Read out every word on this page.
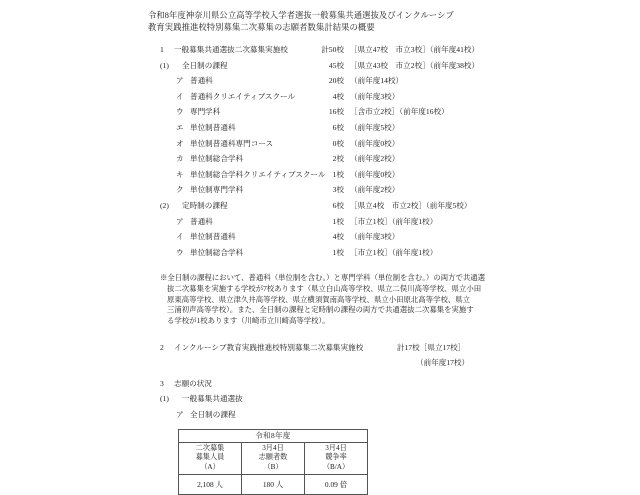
令和8年度神奈川県公立高等学校入学者選抜一般募集共通選抜及びインクルーシブ
教育実践推進校特別募集二次募集の志願者数集計結果の概要
1	一般募集共通選抜二次募集実施校	計50校 ［県立47校　市立3校］（前年度41校）
(1)	全日制の課程	45校 ［県立43校　市立2校］（前年度38校）
ア 普通科	20校 （前年度14校）
イ 普通科クリエイティブスクール	4校 （前年度3校）
ウ 専門学科	16校 ［含市立2校］（前年度16校）
エ 単位制普通科	6校 （前年度5校）
オ 単位制普通科専門コース	0校 （前年度0校）
カ 単位制総合学科	2校 （前年度2校）
キ 単位制総合学科クリエイティブスクール 1校 （前年度0校）
ク 単位制専門学科	3校 （前年度2校）
(2)	定時制の課程	6校 ［県立4校　市立2校］（前年度5校）
ア 普通科	1校 ［市立1校］（前年度1校）
イ 単位制普通科	4校 （前年度3校）
ウ 単位制総合学科	1校 ［市立1校］（前年度1校）
※全日制の課程において、普通科（単位制を含む。）と専門学科（単位制を含む。）の両方で共通選
抜二次募集を実施する学校が7校あります（県立白山高等学校、県立二俣川高等学校、県立小田
原東高等学校、県立津久井高等学校、県立横須賀南高等学校、県立小田原北高等学校、県立
三浦初声高等学校）。また、全日制の課程と定時制の課程の両方で共通選抜二次募集を実施す
る学校が1校あります（川崎市立川崎高等学校）。
2	インクルーシブ教育実践推進校特別募集二次募集実施校	計17校［県立17校］
（前年度17校）
3	志願の状況
(1)	一般募集共通選抜
ア 全日制の課程
令和8年度		

二次募集
募集人員
（A）	3月4日
志願者数
（B）	3月4日
競争率
（B/A）

2,108 人	180 人	0.09 倍
